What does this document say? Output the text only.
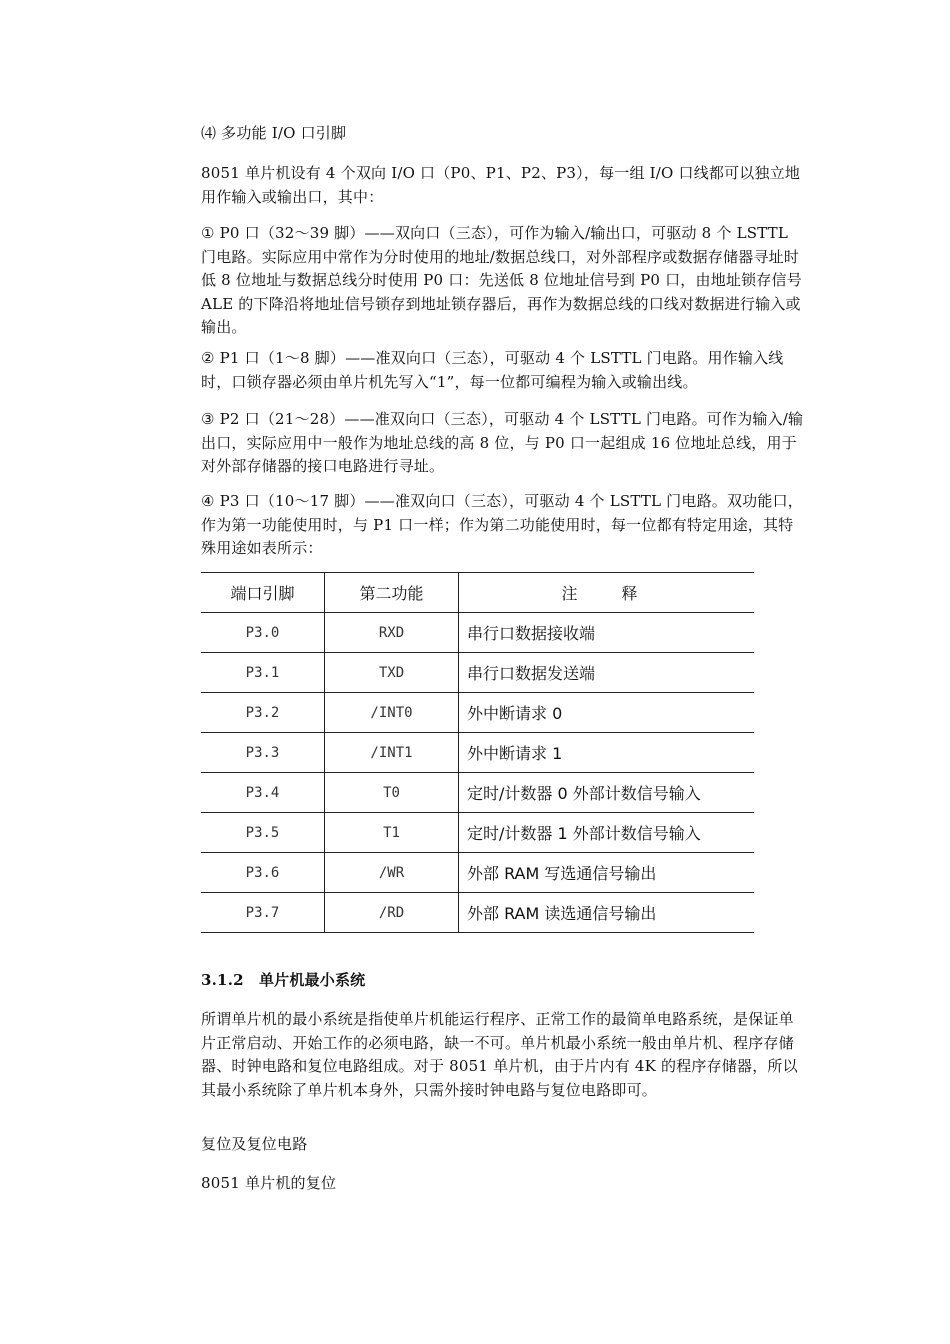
⑷ 多功能 I/O 口引脚

8051 单片机设有 4 个双向 I/O 口（P0、P1、P2、P3），每一组 I/O 口线都可以独立地用作输入或输出口，其中：

① P0 口（32～39 脚）——双向口（三态），可作为输入/输出口，可驱动 8 个 LSTTL 门电路。实际应用中常作为分时使用的地址/数据总线口，对外部程序或数据存储器寻址时低 8 位地址与数据总线分时使用 P0 口：先送低 8 位地址信号到 P0 口，由地址锁存信号 ALE 的下降沿将地址信号锁存到地址锁存器后，再作为数据总线的口线对数据进行输入或输出。

② P1 口（1～8 脚）——准双向口（三态），可驱动 4 个 LSTTL 门电路。用作输入线时，口锁存器必须由单片机先写入“1”，每一位都可编程为输入或输出线。

③ P2 口（21～28）——准双向口（三态），可驱动 4 个 LSTTL 门电路。可作为输入/输出口，实际应用中一般作为地址总线的高 8 位，与 P0 口一起组成 16 位地址总线，用于对外部存储器的接口电路进行寻址。

④ P3 口（10～17 脚）——准双向口（三态），可驱动 4 个 LSTTL 门电路。双功能口，作为第一功能使用时，与 P1 口一样；作为第二功能使用时，每一位都有特定用途，其特殊用途如表所示：

端口引脚	第二功能	注　释
P3.0	RXD	串行口数据接收端
P3.1	TXD	串行口数据发送端
P3.2	/INT0	外中断请求 0
P3.3	/INT1	外中断请求 1
P3.4	T0	定时/计数器 0 外部计数信号输入
P3.5	T1	定时/计数器 1 外部计数信号输入
P3.6	/WR	外部 RAM 写选通信号输出
P3.7	/RD	外部 RAM 读选通信号输出

3.1.2　单片机最小系统

所谓单片机的最小系统是指使单片机能运行程序、正常工作的最简单电路系统，是保证单片正常启动、开始工作的必须电路，缺一不可。单片机最小系统一般由单片机、程序存储器、时钟电路和复位电路组成。对于 8051 单片机，由于片内有 4K 的程序存储器，所以其最小系统除了单片机本身外，只需外接时钟电路与复位电路即可。

复位及复位电路

8051 单片机的复位
